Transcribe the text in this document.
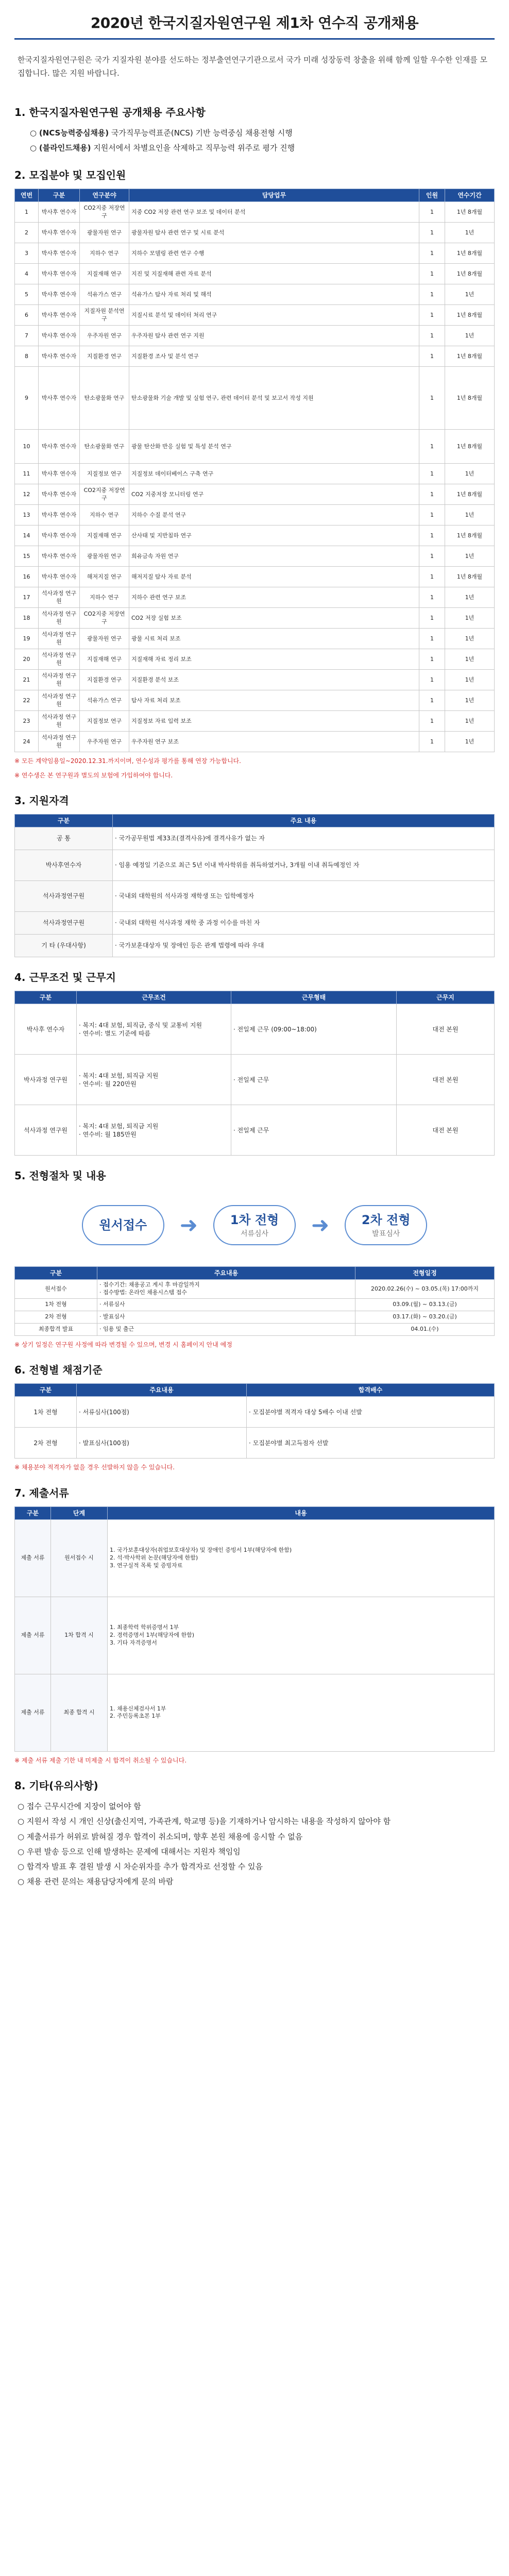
2020년 한국지질자원연구원 제1차 연수직 공개채용

한국지질자원연구원은 국가 지질자원 분야를 선도하는 정부출연연구기관으로서 국가 미래 성장동력 창출을 위해 함께 일할 우수한 인재를 모집합니다. 많은 지원 바랍니다.

1. 한국지질자원연구원 공개채용 주요사항
○ (NCS능력중심채용) 국가직무능력표준(NCS) 기반 능력중심 채용전형 시행
○ (블라인드채용) 지원서에서 차별요인을 삭제하고 직무능력 위주로 평가 진행
2. 모집분야 및 모집인원
연번	구분	연구분야	담당업무	인원	연수기간
1	박사후 연수자	CO2지중 저장연구	지중 CO2 저장 관련 연구 보조 및 데이터 분석	1	1년 8개월
2	박사후 연수자	광물자원 연구	광물자원 탐사 관련 연구 및 시료 분석	1	1년
3	박사후 연수자	지하수 연구	지하수 모델링 관련 연구 수행	1	1년 8개월
4	박사후 연수자	지질재해 연구	지진 및 지질재해 관련 자료 분석	1	1년 8개월
5	박사후 연수자	석유가스 연구	석유가스 탐사 자료 처리 및 해석	1	1년
6	박사후 연수자	지질자원 분석연구	지질시료 분석 및 데이터 처리 연구	1	1년 8개월
7	박사후 연수자	우주자원 연구	우주자원 탐사 관련 연구 지원	1	1년
8	박사후 연수자	지질환경 연구	지질환경 조사 및 분석 연구	1	1년 8개월
9	박사후 연수자	탄소광물화 연구	탄소광물화 기술 개발 및 실험 연구, 관련 데이터 분석 및 보고서 작성 지원	1	1년 8개월
10	박사후 연수자	탄소광물화 연구	광물 탄산화 반응 실험 및 특성 분석 연구	1	1년 8개월
11	박사후 연수자	지질정보 연구	지질정보 데이터베이스 구축 연구	1	1년
12	박사후 연수자	CO2지중 저장연구	CO2 지중저장 모니터링 연구	1	1년 8개월
13	박사후 연수자	지하수 연구	지하수 수질 분석 연구	1	1년
14	박사후 연수자	지질재해 연구	산사태 및 지반침하 연구	1	1년 8개월
15	박사후 연수자	광물자원 연구	희유금속 자원 연구	1	1년
16	박사후 연수자	해저지질 연구	해저지질 탐사 자료 분석	1	1년 8개월
17	석사과정 연구원	지하수 연구	지하수 관련 연구 보조	1	1년
18	석사과정 연구원	CO2지중 저장연구	CO2 저장 실험 보조	1	1년
19	석사과정 연구원	광물자원 연구	광물 시료 처리 보조	1	1년
20	석사과정 연구원	지질재해 연구	지질재해 자료 정리 보조	1	1년
21	석사과정 연구원	지질환경 연구	지질환경 분석 보조	1	1년
22	석사과정 연구원	석유가스 연구	탐사 자료 처리 보조	1	1년
23	석사과정 연구원	지질정보 연구	지질정보 자료 입력 보조	1	1년
24	석사과정 연구원	우주자원 연구	우주자원 연구 보조	1	1년

※ 모든 계약임용일~2020.12.31.까지이며, 연수성과 평가를 통해 연장 가능합니다.

※ 연수생은 본 연구원과 별도의 보험에 가입하여야 합니다.

3. 지원자격
구분	주요 내용
공 통	· 국가공무원법 제33조(결격사유)에 결격사유가 없는 자
박사후연수자	· 임용 예정일 기준으로 최근 5년 이내 박사학위를 취득하였거나, 3개월 이내 취득예정인 자
석사과정연구원	· 국내외 대학원의 석사과정 재학생 또는 입학예정자
석사과정연구원	· 국내외 대학원 석사과정 재학 중 과정 이수를 마친 자
기 타 (우대사항)	· 국가보훈대상자 및 장애인 등은 관계 법령에 따라 우대
4. 근무조건 및 근무지
구분	근무조건	근무형태	근무지
박사후 연수자	· 복지: 4대 보험, 퇴직금, 중식 및 교통비 지원
· 연수비: 별도 기준에 따름	· 전일제 근무 (09:00~18:00)	대전 본원
박사과정 연구원	· 복지: 4대 보험, 퇴직금 지원
· 연수비: 월 220만원	· 전일제 근무	대전 본원
석사과정 연구원	· 복지: 4대 보험, 퇴직금 지원
· 연수비: 월 185만원	· 전일제 근무	대전 본원
5. 전형절차 및 내용
원서접수 ➜	1차 전형
서류심사 ➜	2차 전형
발표심사
구분	주요내용	전형일정
원서접수	· 접수기간: 채용공고 게시 후 마감일까지
· 접수방법: 온라인 채용시스템 접수	2020.02.26(수) ~ 03.05.(목) 17:00까지
1차 전형	· 서류심사	03.09.(월) ~ 03.13.(금)
2차 전형	· 발표심사	03.17.(화) ~ 03.20.(금)
최종합격 발표	· 임용 및 출근	04.01.(수)

※ 상기 일정은 연구원 사정에 따라 변경될 수 있으며, 변경 시 홈페이지 안내 예정

6. 전형별 채점기준
구분	주요내용	합격배수
1차 전형	· 서류심사(100점)	· 모집분야별 적격자 대상 5배수 이내 선발
2차 전형	· 발표심사(100점)	· 모집분야별 최고득점자 선발

※ 채용분야 적격자가 없을 경우 선발하지 않을 수 있습니다.

7. 제출서류
구분	단계	내용
제출 서류	원서접수 시	1. 국가보훈대상자(취업보호대상자) 및 장애인 증빙서 1부(해당자에 한함)
2. 석·박사학위 논문(해당자에 한함)
3. 연구실적 목록 및 증빙자료
제출 서류	1차 합격 시	1. 최종학력 학위증명서 1부
2. 경력증명서 1부(해당자에 한함)
3. 기타 자격증명서
제출 서류	최종 합격 시	1. 채용신체검사서 1부
2. 주민등록초본 1부

※ 제출 서류 제출 기한 내 미제출 시 합격이 취소될 수 있습니다.

8. 기타(유의사항)

○ 접수 근무시간에 지장이 없어야 함

○ 지원서 작성 시 개인 신상(출신지역, 가족관계, 학교명 등)을 기재하거나 암시하는 내용을 작성하지 않아야 함

○ 제출서류가 허위로 밝혀질 경우 합격이 취소되며, 향후 본원 채용에 응시할 수 없음

○ 우편 발송 등으로 인해 발생하는 문제에 대해서는 지원자 책임임

○ 합격자 발표 후 결원 발생 시 차순위자를 추가 합격자로 선정할 수 있음

○ 채용 관련 문의는 채용담당자에게 문의 바람
